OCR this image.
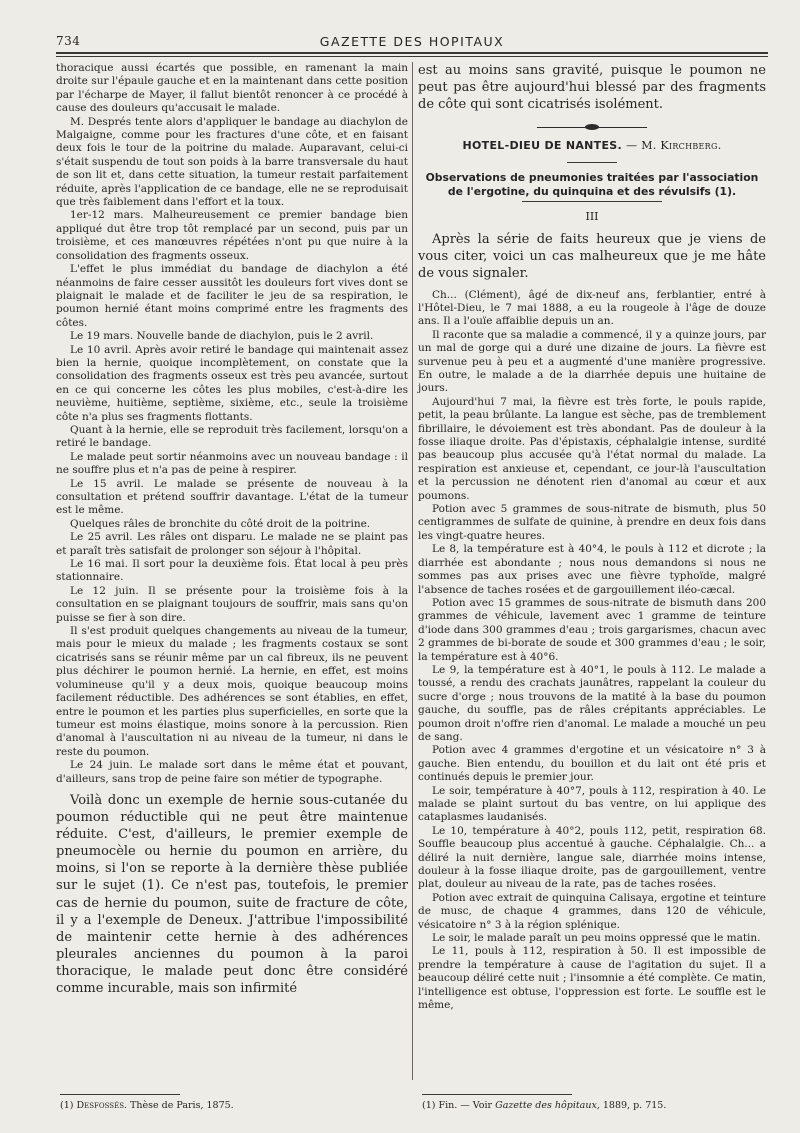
734	GAZETTE DES HOPITAUX

thoracique aussi écartés que possible, en ramenant la main droite sur l'épaule gauche et en la maintenant dans cette position par l'écharpe de Mayer, il fallut bientôt renoncer à ce procédé à cause des douleurs qu'accusait le malade.

M. Després tente alors d'appliquer le bandage au diachylon de Malgaigne, comme pour les fractures d'une côte, et en faisant deux fois le tour de la poitrine du malade. Auparavant, celui-ci s'était suspendu de tout son poids à la barre transversale du haut de son lit et, dans cette situation, la tumeur restait parfaitement réduite, après l'application de ce bandage, elle ne se reproduisait que très faiblement dans l'effort et la toux.

1er-12 mars. Malheureusement ce premier bandage bien appliqué dut être trop tôt remplacé par un second, puis par un troisième, et ces manœuvres répétées n'ont pu que nuire à la consolidation des fragments osseux.

L'effet le plus immédiat du bandage de diachylon a été néanmoins de faire cesser aussitôt les douleurs fort vives dont se plaignait le malade et de faciliter le jeu de sa respiration, le poumon hernié étant moins comprimé entre les fragments des côtes.

Le 19 mars. Nouvelle bande de diachylon, puis le 2 avril.

Le 10 avril. Après avoir retiré le bandage qui maintenait assez bien la hernie, quoique incomplètement, on constate que la consolidation des fragments osseux est très peu avancée, surtout en ce qui concerne les côtes les plus mobiles, c'est-à-dire les neuvième, huitième, septième, sixième, etc., seule la troisième côte n'a plus ses fragments flottants.

Quant à la hernie, elle se reproduit très facilement, lorsqu'on a retiré le bandage.

Le malade peut sortir néanmoins avec un nouveau bandage : il ne souffre plus et n'a pas de peine à respirer.

Le 15 avril. Le malade se présente de nouveau à la consultation et prétend souffrir davantage. L'état de la tumeur est le même.

Quelques râles de bronchite du côté droit de la poitrine.

Le 25 avril. Les râles ont disparu. Le malade ne se plaint pas et paraît très satisfait de prolonger son séjour à l'hôpital.

Le 16 mai. Il sort pour la deuxième fois. État local à peu près stationnaire.

Le 12 juin. Il se présente pour la troisième fois à la consultation en se plaignant toujours de souffrir, mais sans qu'on puisse se fier à son dire.

Il s'est produit quelques changements au niveau de la tumeur, mais pour le mieux du malade ; les fragments costaux se sont cicatrisés sans se réunir même par un cal fibreux, ils ne peuvent plus déchirer le poumon hernié. La hernie, en effet, est moins volumineuse qu'il y a deux mois, quoique beaucoup moins facilement réductible. Des adhérences se sont établies, en effet, entre le poumon et les parties plus superficielles, en sorte que la tumeur est moins élastique, moins sonore à la percussion. Rien d'anomal à l'auscultation ni au niveau de la tumeur, ni dans le reste du poumon.

Le 24 juin. Le malade sort dans le même état et pouvant, d'ailleurs, sans trop de peine faire son métier de typographe.

Voilà donc un exemple de hernie sous-cutanée du poumon réductible qui ne peut être maintenue réduite. C'est, d'ailleurs, le premier exemple de pneumocèle ou hernie du poumon en arrière, du moins, si l'on se reporte à la dernière thèse publiée sur le sujet (1). Ce n'est pas, toutefois, le premier cas de hernie du poumon, suite de fracture de côte, il y a l'exemple de Deneux. J'attribue l'impossibilité de maintenir cette hernie à des adhérences pleurales anciennes du poumon à la paroi thoracique, le malade peut donc être considéré comme incurable, mais son infirmité

est au moins sans gravité, puisque le poumon ne peut pas être aujourd'hui blessé par des fragments de côte qui sont cicatrisés isolément.

HOTEL-DIEU DE NANTES. — M. Kirchberg.
Observations de pneumonies traitées par l'association de l'ergotine, du quinquina et des révulsifs (1).
III

Après la série de faits heureux que je viens de vous citer, voici un cas malheureux que je me hâte de vous signaler.

Ch... (Clément), âgé de dix-neuf ans, ferblantier, entré à l'Hôtel-Dieu, le 7 mai 1888, a eu la rougeole à l'âge de douze ans. Il a l'ouïe affaiblie depuis un an.

Il raconte que sa maladie a commencé, il y a quinze jours, par un mal de gorge qui a duré une dizaine de jours. La fièvre est survenue peu à peu et a augmenté d'une manière progressive. En outre, le malade a de la diarrhée depuis une huitaine de jours.

Aujourd'hui 7 mai, la fièvre est très forte, le pouls rapide, petit, la peau brûlante. La langue est sèche, pas de tremblement fibrillaire, le dévoiement est très abondant. Pas de douleur à la fosse iliaque droite. Pas d'épistaxis, céphalalgie intense, surdité pas beaucoup plus accusée qu'à l'état normal du malade. La respiration est anxieuse et, cependant, ce jour-là l'auscultation et la percussion ne dénotent rien d'anomal au cœur et aux poumons.

Potion avec 5 grammes de sous-nitrate de bismuth, plus 50 centigrammes de sulfate de quinine, à prendre en deux fois dans les vingt-quatre heures.

Le 8, la température est à 40°4, le pouls à 112 et dicrote ; la diarrhée est abondante ; nous nous demandons si nous ne sommes pas aux prises avec une fièvre typhoïde, malgré l'absence de taches rosées et de gargouillement iléo-cæcal.

Potion avec 15 grammes de sous-nitrate de bismuth dans 200 grammes de véhicule, lavement avec 1 gramme de teinture d'iode dans 300 grammes d'eau ; trois gargarismes, chacun avec 2 grammes de bi-borate de soude et 300 grammes d'eau ; le soir, la température est à 40°6.

Le 9, la température est à 40°1, le pouls à 112. Le malade a toussé, a rendu des crachats jaunâtres, rappelant la couleur du sucre d'orge ; nous trouvons de la matité à la base du poumon gauche, du souffle, pas de râles crépitants appréciables. Le poumon droit n'offre rien d'anomal. Le malade a mouché un peu de sang.

Potion avec 4 grammes d'ergotine et un vésicatoire n° 3 à gauche. Bien entendu, du bouillon et du lait ont été pris et continués depuis le premier jour.

Le soir, température à 40°7, pouls à 112, respiration à 40. Le malade se plaint surtout du bas ventre, on lui applique des cataplasmes laudanisés.

Le 10, température à 40°2, pouls 112, petit, respiration 68. Souffle beaucoup plus accentué à gauche. Céphalalgie. Ch... a déliré la nuit dernière, langue sale, diarrhée moins intense, douleur à la fosse iliaque droite, pas de gargouillement, ventre plat, douleur au niveau de la rate, pas de taches rosées.

Potion avec extrait de quinquina Calisaya, ergotine et teinture de musc, de chaque 4 grammes, dans 120 de véhicule, vésicatoire n° 3 à la région splénique.

Le soir, le malade paraît un peu moins oppressé que le matin.

Le 11, pouls à 112, respiration à 50. Il est impossible de prendre la température à cause de l'agitation du sujet. Il a beaucoup déliré cette nuit ; l'insomnie a été complète. Ce matin, l'intelligence est obtuse, l'oppression est forte. Le souffle est le même,

(1) Desfossés. Thèse de Paris, 1875.	(1) Fin. — Voir Gazette des hôpitaux, 1889, p. 715.
